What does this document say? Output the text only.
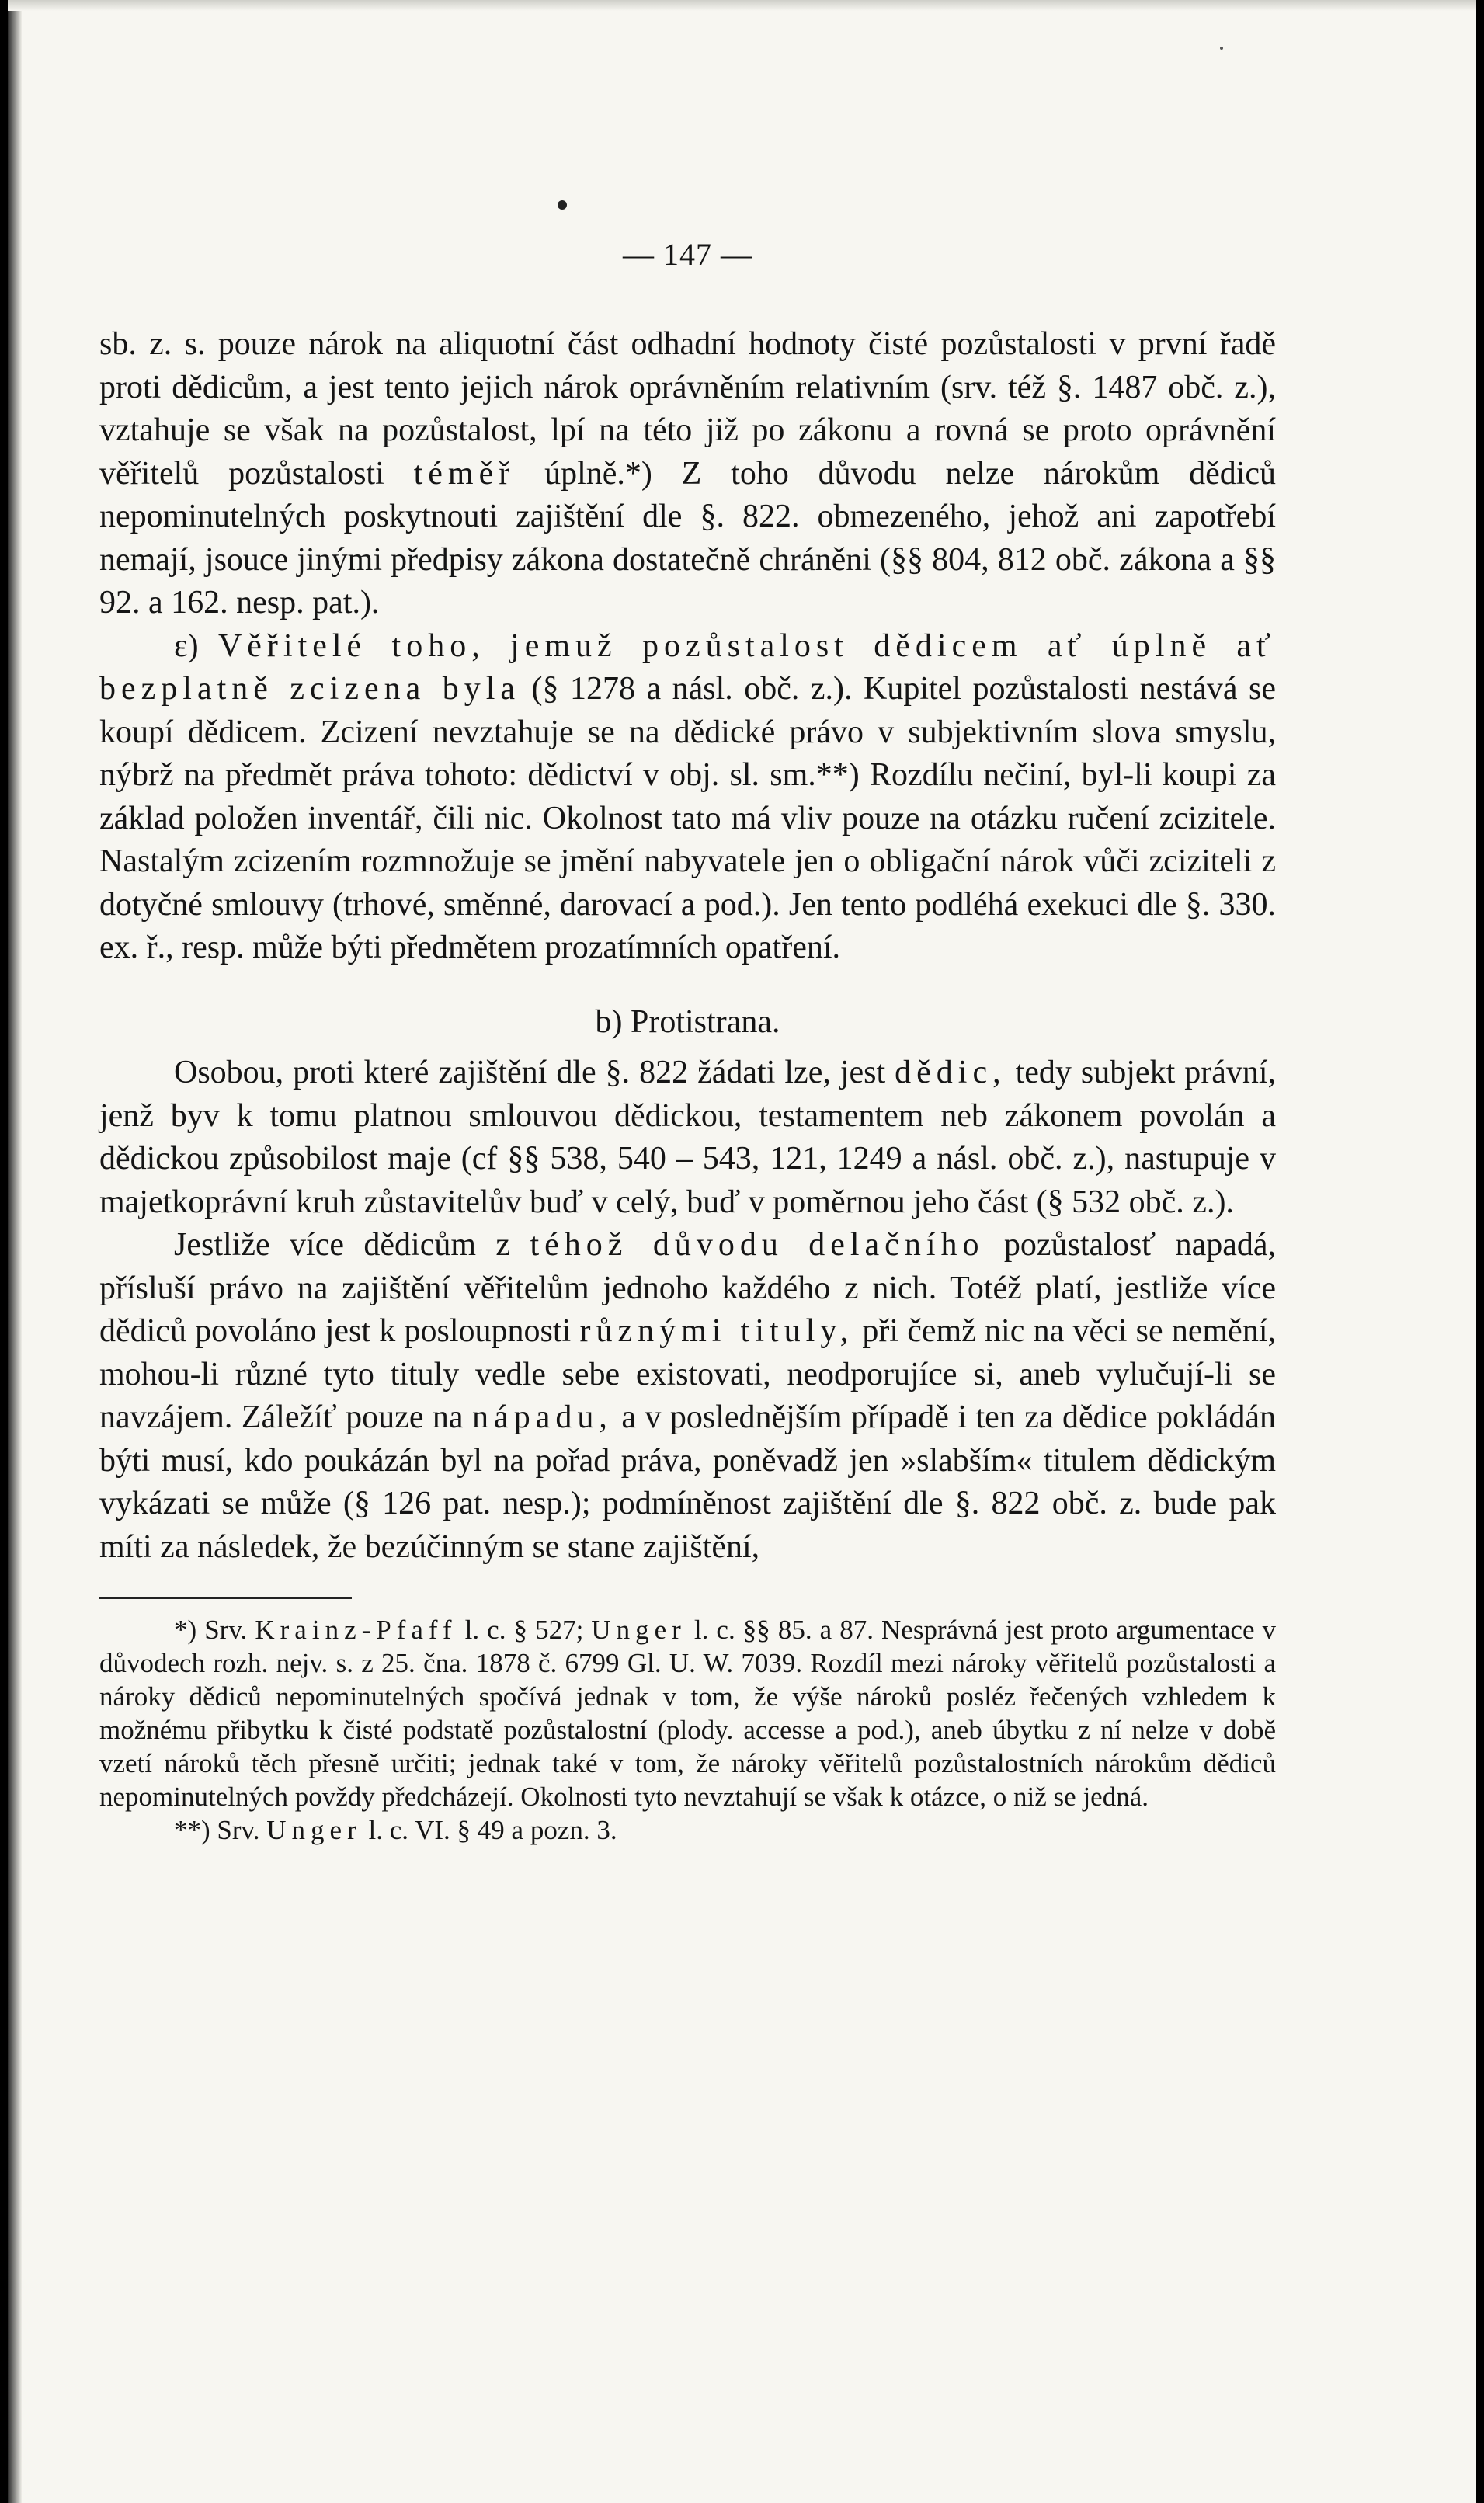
— 147 —

sb. z. s. pouze nárok na aliquotní část odhadní hodnoty čisté pozůstalosti v první řadě proti dědicům, a jest tento jejich nárok oprávněním relativním (srv. též §. 1487 obč. z.), vztahuje se však na pozůstalost, lpí na této již po zákonu a rovná se proto oprávnění věřitelů pozůstalosti téměř úplně.*) Z toho důvodu nelze nárokům dědiců nepominutelných poskytnouti zajištění dle §. 822. obmezeného, jehož ani zapotřebí nemají, jsouce jinými předpisy zákona dostatečně chráněni (§§ 804, 812 obč. zákona a §§ 92. a 162. nesp. pat.).

ε) Věřitelé toho, jemuž pozůstalost dědicem ať úplně ať bezplatně zcizena byla (§ 1278 a násl. obč. z.). Kupitel pozůstalosti nestává se koupí dědicem. Zcizení nevztahuje se na dědické právo v subjektivním slova smyslu, nýbrž na předmět práva tohoto: dědictví v obj. sl. sm.**) Rozdílu nečiní, byl-li koupi za základ položen inventář, čili nic. Okolnost tato má vliv pouze na otázku ručení zcizitele. Nastalým zcizením rozmnožuje se jmění nabyvatele jen o obligační nárok vůči zciziteli z dotyčné smlouvy (trhové, směnné, darovací a pod.). Jen tento podléhá exekuci dle §. 330. ex. ř., resp. může býti předmětem prozatímních opatření.

b) Protistrana.

Osobou, proti které zajištění dle §. 822 žádati lze, jest dědic, tedy subjekt právní, jenž byv k tomu platnou smlouvou dědickou, testamentem neb zákonem povolán a dědickou způsobilost maje (cf §§ 538, 540 – 543, 121, 1249 a násl. obč. z.), nastupuje v majetkoprávní kruh zůstavitelův buď v celý, buď v poměrnou jeho část (§ 532 obč. z.).

Jestliže více dědicům z téhož důvodu delačního pozůstalosť napadá, přísluší právo na zajištění věřitelům jednoho každého z nich. Totéž platí, jestliže více dědiců povoláno jest k posloupnosti různými tituly, při čemž nic na věci se nemění, mohou-li různé tyto tituly vedle sebe existovati, neodporujíce si, aneb vylučují-li se navzájem. Záležíť pouze na nápadu, a v poslednějším případě i ten za dědice pokládán býti musí, kdo poukázán byl na pořad práva, poněvadž jen »slabším« titulem dědickým vykázati se může (§ 126 pat. nesp.); podmíněnost zajištění dle §. 822 obč. z. bude pak míti za následek, že bezúčinným se stane zajištění,

*) Srv. Krainz-Pfaff l. c. § 527; Unger l. c. §§ 85. a 87. Nesprávná jest proto argumentace v důvodech rozh. nejv. s. z 25. čna. 1878 č. 6799 Gl. U. W. 7039. Rozdíl mezi nároky věřitelů pozůstalosti a nároky dědiců nepominutelných spočívá jednak v tom, že výše nároků posléz řečených vzhledem k možnému přibytku k čisté podstatě pozůstalostní (plody. accesse a pod.), aneb úbytku z ní nelze v době vzetí nároků těch přesně určiti; jednak také v tom, že nároky věřitelů pozůstalostních nárokům dědiců nepominutelných povždy předcházejí. Okolnosti tyto nevztahují se však k otázce, o niž se jedná.

**) Srv. Unger l. c. VI. § 49 a pozn. 3.
